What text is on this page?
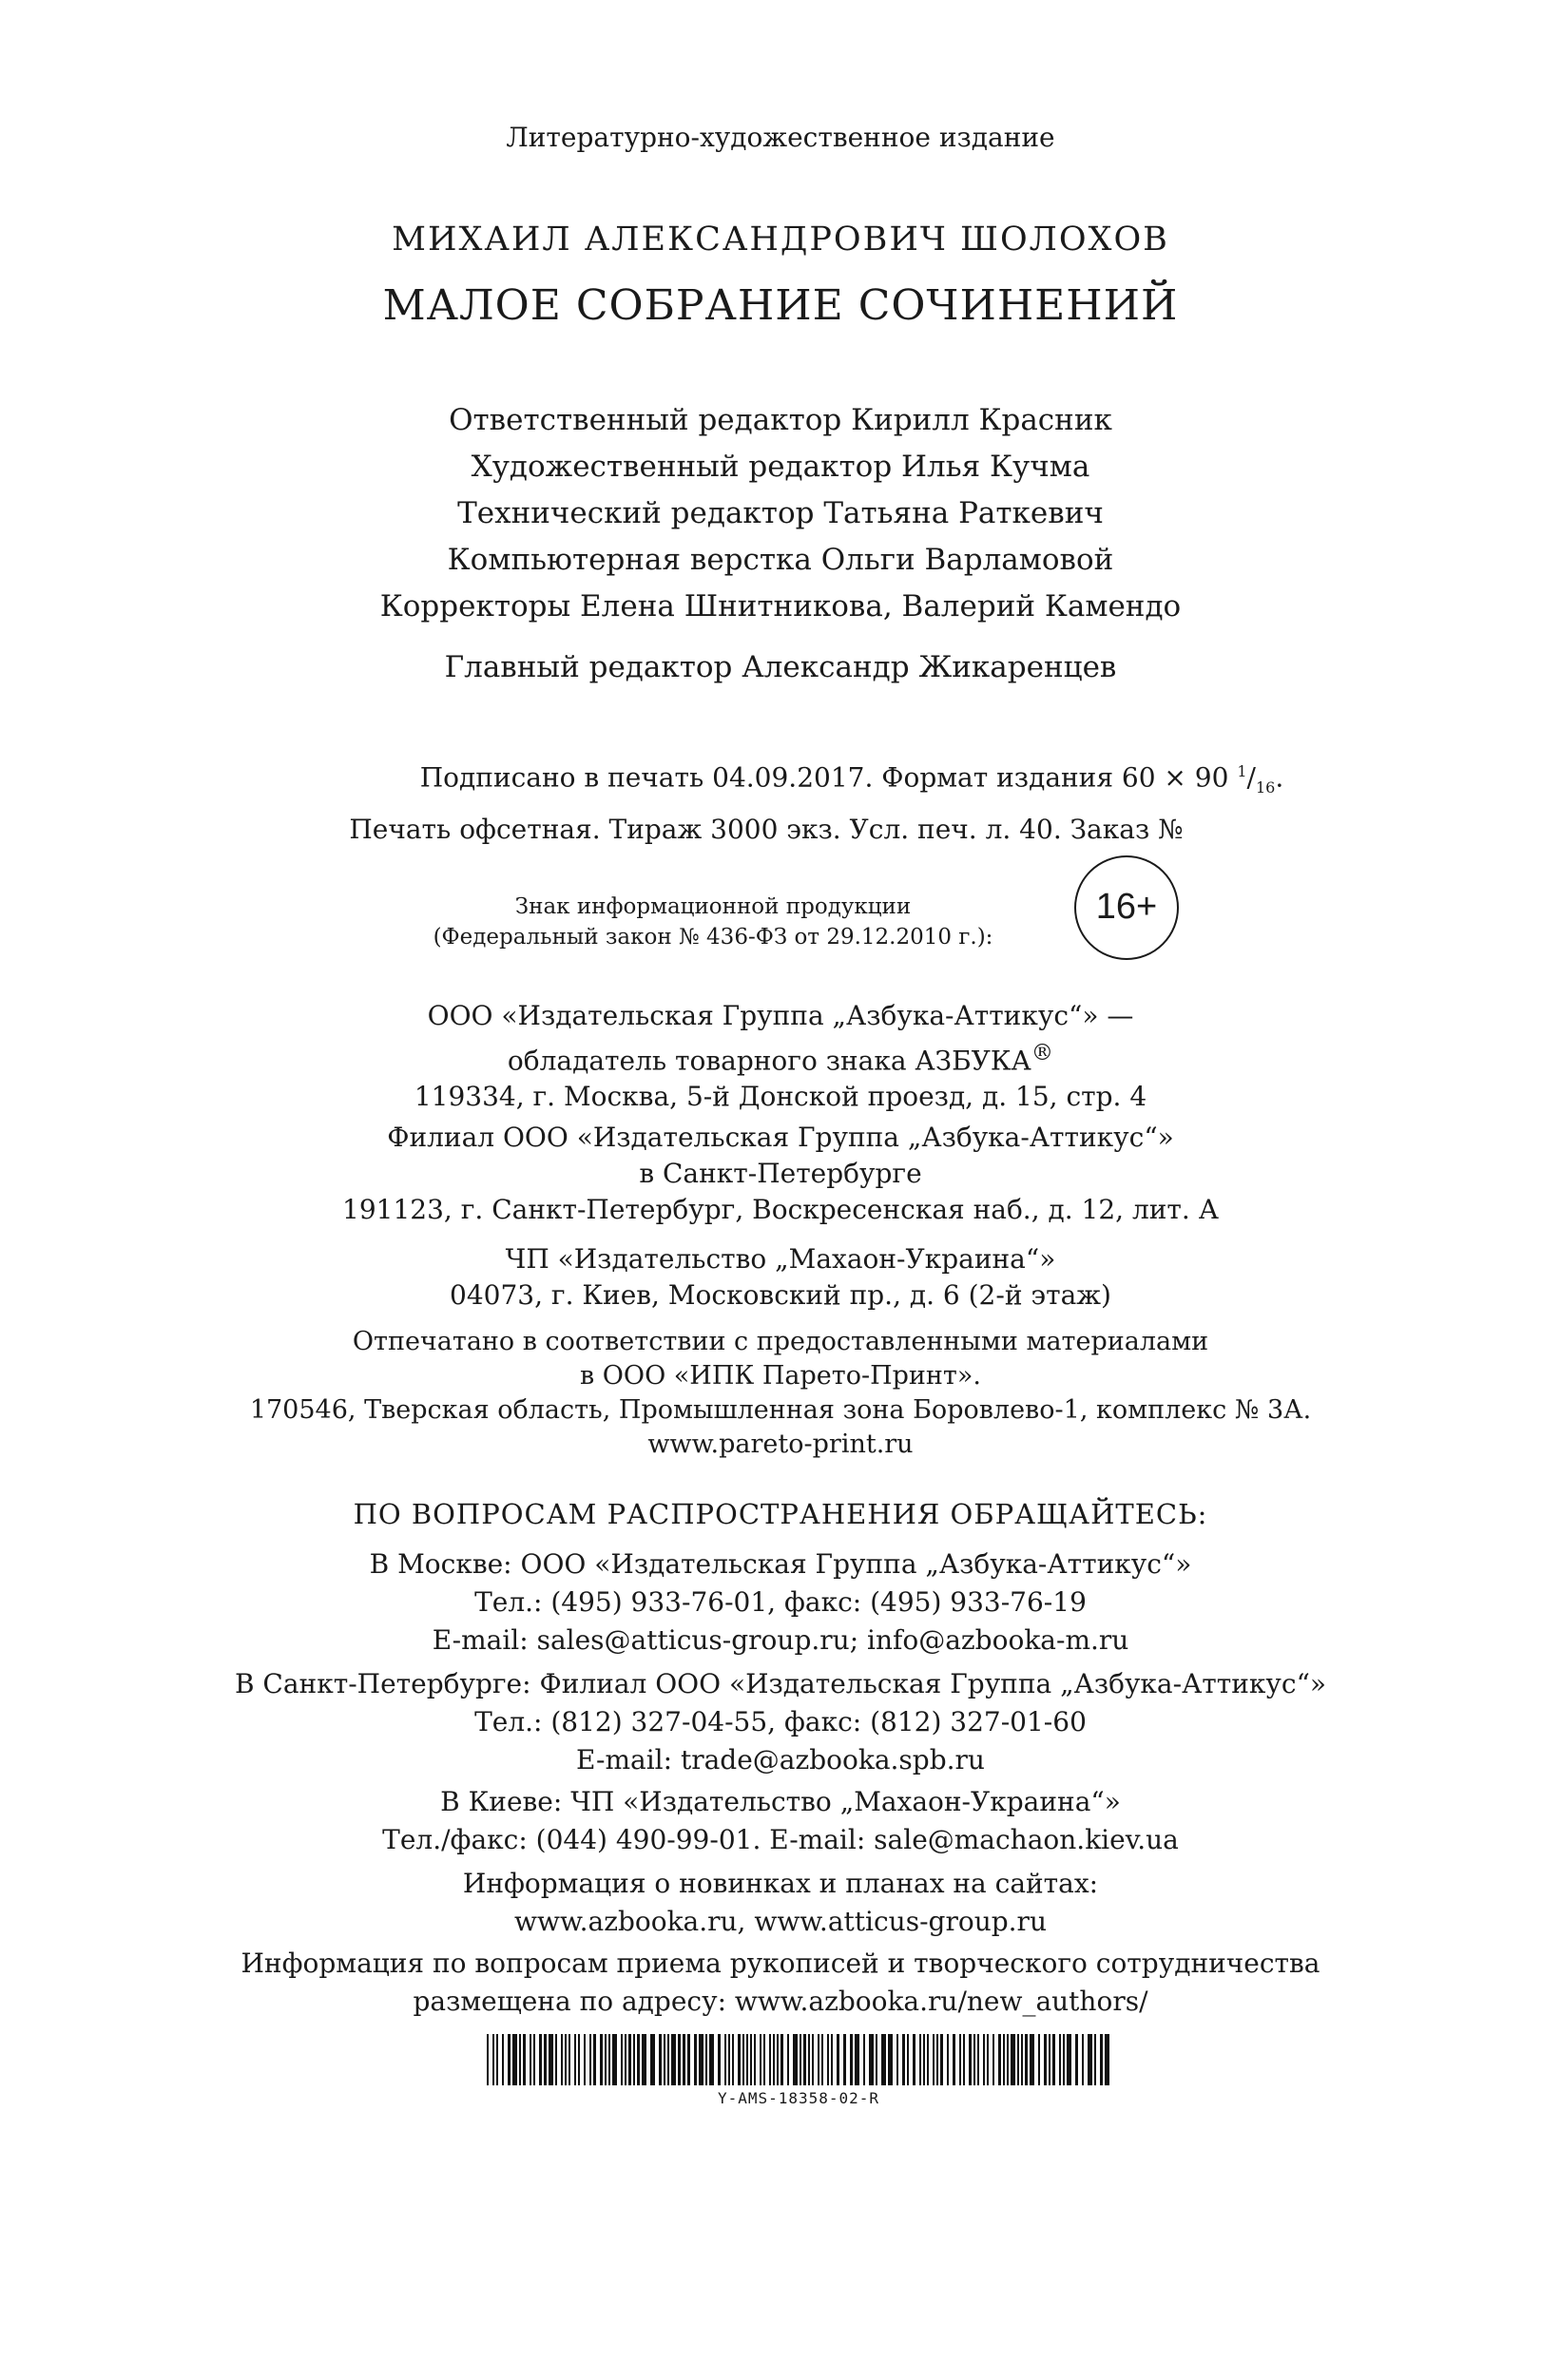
Литературно-художественное издание
МИХАИЛ АЛЕКСАНДРОВИЧ ШОЛОХОВ
МАЛОЕ СОБРАНИЕ СОЧИНЕНИЙ
Ответственный редактор Кирилл Красник
Художественный редактор Илья Кучма
Технический редактор Татьяна Раткевич
Компьютерная верстка Ольги Варламовой
Корректоры Елена Шнитникова, Валерий Камендо
Главный редактор Александр Жикаренцев
Подписано в печать 04.09.2017. Формат издания 60 × 90 $^1/_{16}$.
Печать офсетная. Тираж 3000 экз. Усл. печ. л. 40. Заказ №
Знак информационной продукции
(Федеральный закон № 436-ФЗ от 29.12.2010 г.):
16+
ООО «Издательская Группа „Азбука-Аттикус“» —
обладатель товарного знака АЗБУКА®
119334, г. Москва, 5-й Донской проезд, д. 15, стр. 4
Филиал ООО «Издательская Группа „Азбука-Аттикус“»
в Санкт-Петербурге
191123, г. Санкт-Петербург, Воскресенская наб., д. 12, лит. А
ЧП «Издательство „Махаон-Украина“»
04073, г. Киев, Московский пр., д. 6 (2-й этаж)
Отпечатано в соответствии с предоставленными материалами
в ООО «ИПК Парето-Принт».
170546, Тверская область, Промышленная зона Боровлево-1, комплекс № 3А.
www.pareto-print.ru
ПО ВОПРОСАМ РАСПРОСТРАНЕНИЯ ОБРАЩАЙТЕСЬ:
В Москве: ООО «Издательская Группа „Азбука-Аттикус“»
Тел.: (495) 933-76-01, факс: (495) 933-76-19
E-mail: sales@atticus-group.ru; info@azbooka-m.ru
В Санкт-Петербурге: Филиал ООО «Издательская Группа „Азбука-Аттикус“»
Тел.: (812) 327-04-55, факс: (812) 327-01-60
E-mail: trade@azbooka.spb.ru
В Киеве: ЧП «Издательство „Махаон-Украина“»
Тел./факс: (044) 490-99-01. E-mail: sale@machaon.kiev.ua
Информация о новинках и планах на сайтах:
www.azbooka.ru, www.atticus-group.ru
Информация по вопросам приема рукописей и творческого сотрудничества
размещена по адресу: www.azbooka.ru/new_authors/
Y-AMS-18358-02-R
